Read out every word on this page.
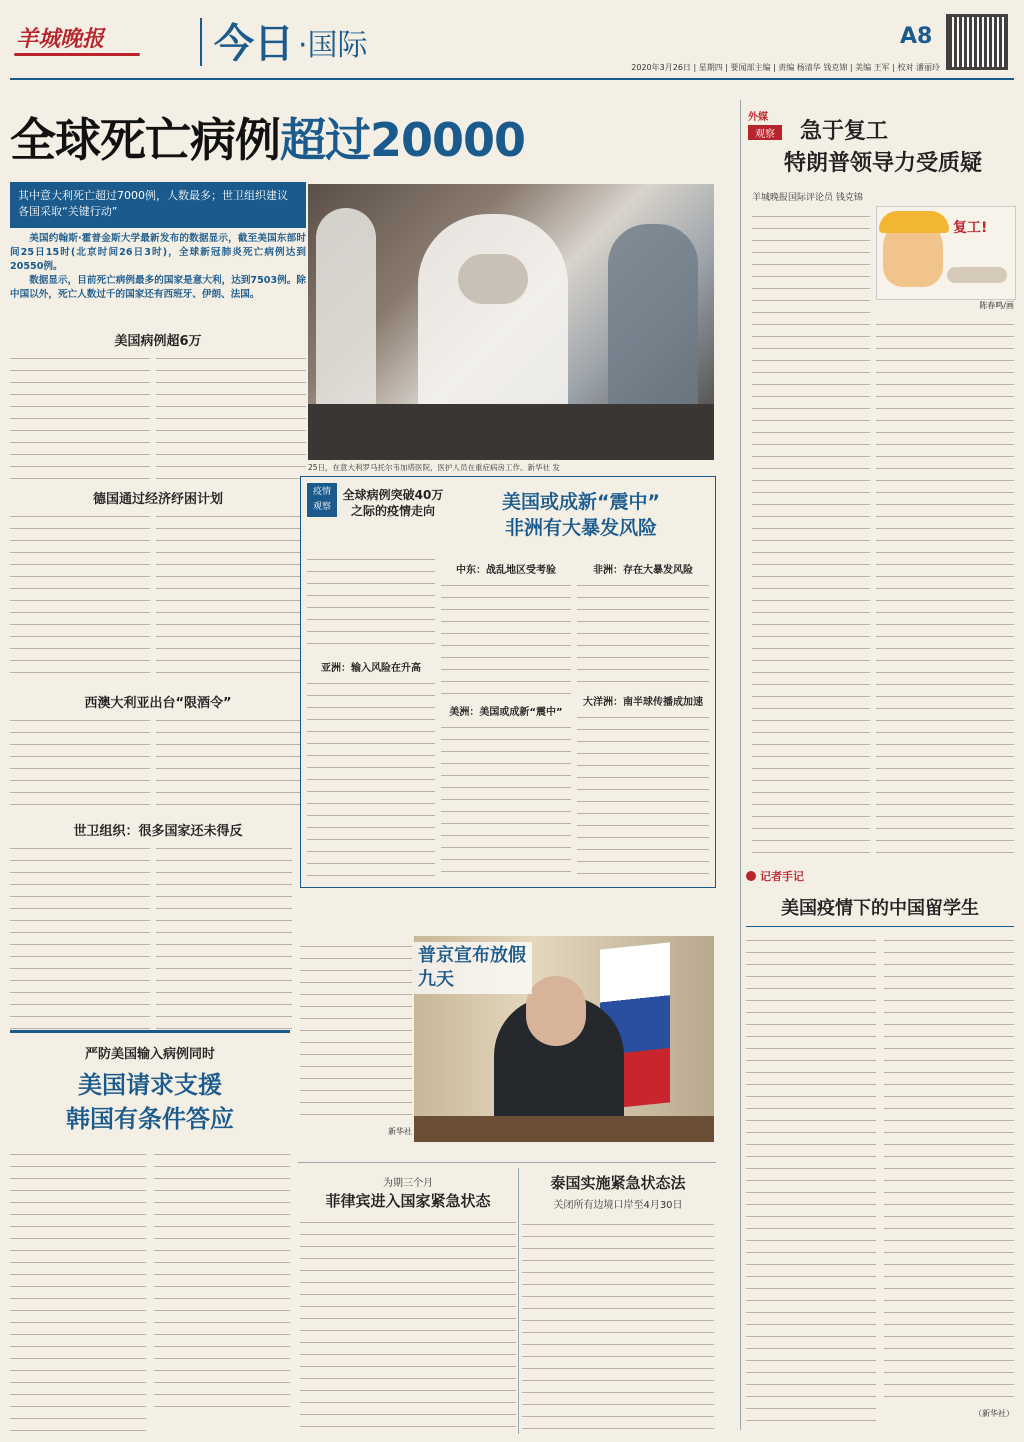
羊城晚报	今日 ·国际	A8
2020年3月26日 | 星期四 | 要闻部主编 | 责编 杨清华 钱克锦 | 美编 王军 | 校对 潘丽玲
全球死亡病例超过20000
其中意大利死亡超过7000例，人数最多；世卫组织建议各国采取“关键行动”

美国约翰斯·霍普金斯大学最新发布的数据显示，截至美国东部时间25日15时(北京时间26日3时)，全球新冠肺炎死亡病例达到20550例。

数据显示，目前死亡病例最多的国家是意大利，达到7503例。除中国以外，死亡人数过千的国家还有西班牙、伊朗、法国。

25日，在意大利罗马托尔韦加塔医院，医护人员在重症病房工作。新华社 发
美国病例超6万
德国通过经济纾困计划
西澳大利亚出台“限酒令”
世卫组织：很多国家还未得反
疫情
观察
全球病例突破40万之际的疫情走向	美国或成新“震中”
非洲有大暴发风险
亚洲：输入风险在升高
中东：战乱地区受考验
美洲：美国或成新“震中”
非洲：存在大暴发风险
大洋洲：南半球传播成加速
外媒
观察	急于复工
特朗普领导力受质疑
羊城晚报国际评论员 钱克锦
复工!
陈春鸣/画
记者手记
美国疫情下的中国留学生
（新华社）
新华社
普京宣布放假九天
严防美国输入病例同时
美国请求支援
韩国有条件答应
为期三个月
菲律宾进入国家紧急状态
泰国实施紧急状态法
关闭所有边境口岸至4月30日
